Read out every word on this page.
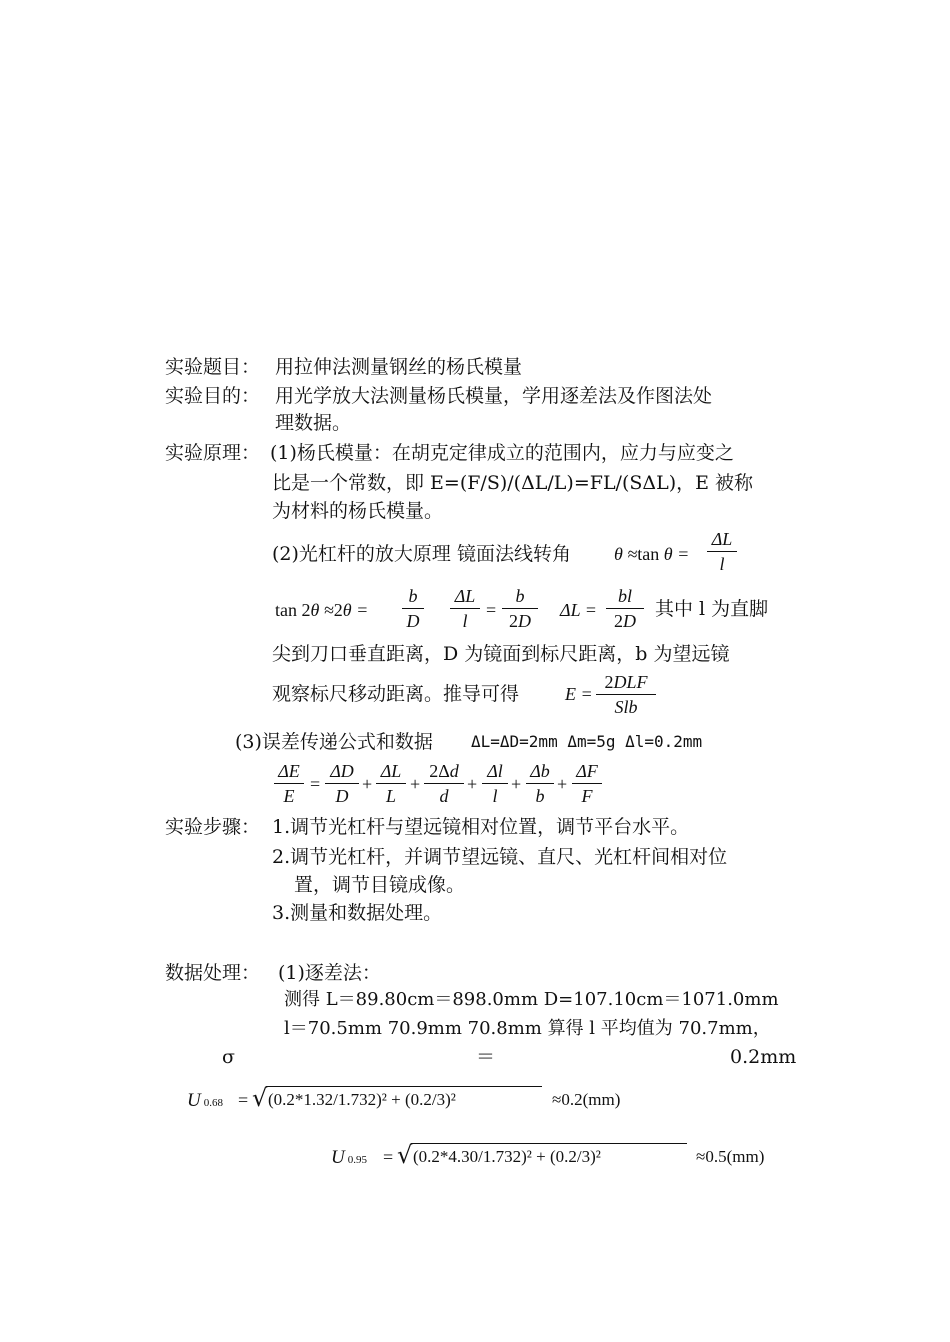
实验题目： 用拉伸法测量钢丝的杨氏模量
实验目的： 用光学放大法测量杨氏模量，学用逐差法及作图法处
理数据。
实验原理： (1)杨氏模量：在胡克定律成立的范围内，应力与应变之
比是一个常数，即 E=(F/S)/(ΔL/L)=FL/(SΔL)，E 被称
为材料的杨氏模量。
(2)光杠杆的放大原理 镜面法线转角 θ ≈tan θ =
ΔL
l
tan 2θ ≈2θ =
b
D
ΔL
l
=
b
2D
ΔL =
bl
2D
其中 l 为直脚
尖到刀口垂直距离，D 为镜面到标尺距离，b 为望远镜
观察标尺移动距离。推导可得	E =
2DLF
Slb
(3)误差传递公式和数据 ΔL=ΔD=2mm Δm=5g Δl=0.2mm
ΔE
E
=
ΔD
D
+
ΔL
L
+
2Δd
d
+
Δl
l
+
Δb
b
+
ΔF
F
实验步骤： 1.调节光杠杆与望远镜相对位置，调节平台水平。
2.调节光杠杆，并调节望远镜、直尺、光杠杆间相对位
置，调节目镜成像。
3.测量和数据处理。
数据处理： (1)逐差法：
测得 L＝89.80cm＝898.0mm D=107.10cm＝1071.0mm
l＝70.5mm 70.9mm 70.8mm 算得 l 平均值为 70.7mm，
σ	＝	0.2mm
U 0.68 = √ (0.2*1.32/1.732)² + (0.2/3)²	≈0.2(mm)
U 0.95 = √ (0.2*4.30/1.732)² + (0.2/3)²	≈0.5(mm)
